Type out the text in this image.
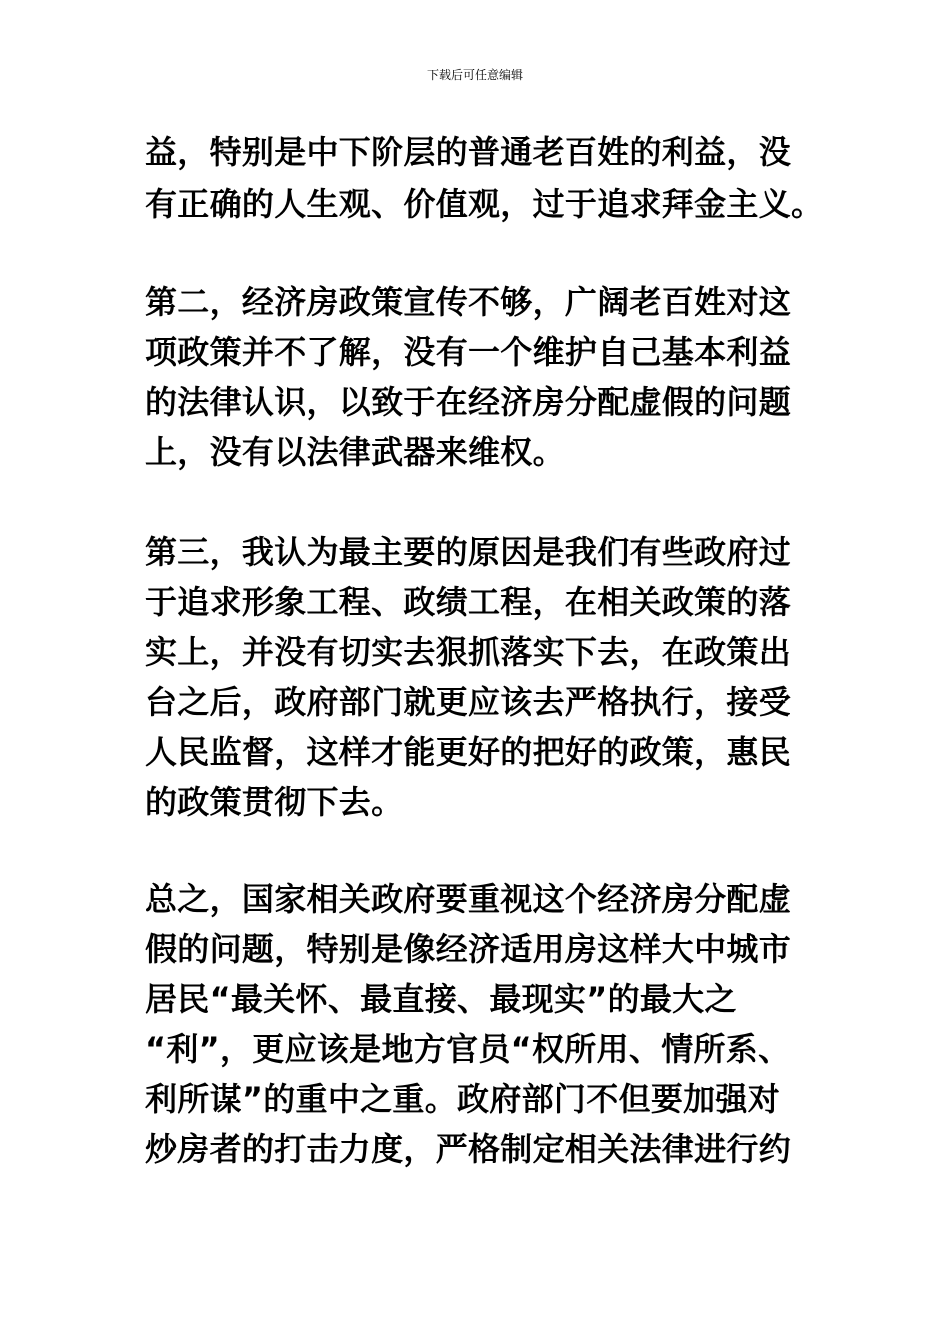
下载后可任意编辑
益，特别是中下阶层的普通老百姓的利益，没
有正确的人生观、价值观，过于追求拜金主义。
第二，经济房政策宣传不够，广阔老百姓对这
项政策并不了解，没有一个维护自己基本利益
的法律认识，以致于在经济房分配虚假的问题
上，没有以法律武器来维权。
第三，我认为最主要的原因是我们有些政府过
于追求形象工程、政绩工程，在相关政策的落
实上，并没有切实去狠抓落实下去，在政策出
台之后，政府部门就更应该去严格执行，接受
人民监督，这样才能更好的把好的政策，惠民
的政策贯彻下去。
总之，国家相关政府要重视这个经济房分配虚
假的问题，特别是像经济适用房这样大中城市
居民“最关怀、最直接、最现实”的最大之
“利”，更应该是地方官员“权所用、情所系、
利所谋”的重中之重。政府部门不但要加强对
炒房者的打击力度，严格制定相关法律进行约
